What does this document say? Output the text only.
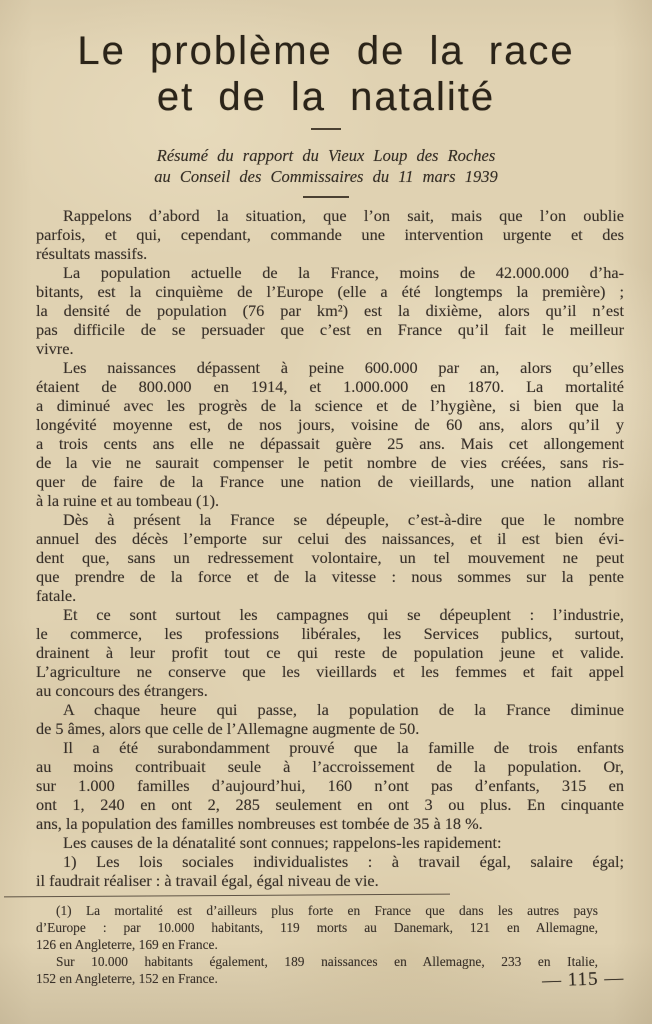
Le problème de la race
et de la natalité

Résumé du rapport du Vieux Loup des Roches
au Conseil des Commissaires du 11 mars 1939

Rappelons d’abord la situation, que l’on sait, mais que l’on oublie
parfois, et qui, cependant, commande une intervention urgente et des
résultats massifs.
La population actuelle de la France, moins de 42.000.000 d’ha-
bitants, est la cinquième de l’Europe (elle a été longtemps la première) ;
la densité de population (76 par km²) est la dixième, alors qu’il n’est
pas difficile de se persuader que c’est en France qu’il fait le meilleur
vivre.
Les naissances dépassent à peine 600.000 par an, alors qu’elles
étaient de 800.000 en 1914, et 1.000.000 en 1870. La mortalité
a diminué avec les progrès de la science et de l’hygiène, si bien que la
longévité moyenne est, de nos jours, voisine de 60 ans, alors qu’il y
a trois cents ans elle ne dépassait guère 25 ans. Mais cet allongement
de la vie ne saurait compenser le petit nombre de vies créées, sans ris-
quer de faire de la France une nation de vieillards, une nation allant
à la ruine et au tombeau (1).
Dès à présent la France se dépeuple, c’est-à-dire que le nombre
annuel des décès l’emporte sur celui des naissances, et il est bien évi-
dent que, sans un redressement volontaire, un tel mouvement ne peut
que prendre de la force et de la vitesse : nous sommes sur la pente
fatale.
Et ce sont surtout les campagnes qui se dépeuplent : l’industrie,
le commerce, les professions libérales, les Services publics, surtout,
drainent à leur profit tout ce qui reste de population jeune et valide.
L’agriculture ne conserve que les vieillards et les femmes et fait appel
au concours des étrangers.
A chaque heure qui passe, la population de la France diminue
de 5 âmes, alors que celle de l’Allemagne augmente de 50.
Il a été surabondamment prouvé que la famille de trois enfants
au moins contribuait seule à l’accroissement de la population. Or,
sur 1.000 familles d’aujourd’hui, 160 n’ont pas d’enfants, 315 en
ont 1, 240 en ont 2, 285 seulement en ont 3 ou plus. En cinquante
ans, la population des familles nombreuses est tombée de 35 à 18 %.
Les causes de la dénatalité sont connues; rappelons-les rapidement:
1) Les lois sociales individualistes : à travail égal, salaire égal;
il faudrait réaliser : à travail égal, égal niveau de vie.
(1) La mortalité est d’ailleurs plus forte en France que dans les autres pays
d’Europe : par 10.000 habitants, 119 morts au Danemark, 121 en Allemagne,
126 en Angleterre, 169 en France.
Sur 10.000 habitants également, 189 naissances en Allemagne, 233 en Italie,
152 en Angleterre, 152 en France.	— 115 —
